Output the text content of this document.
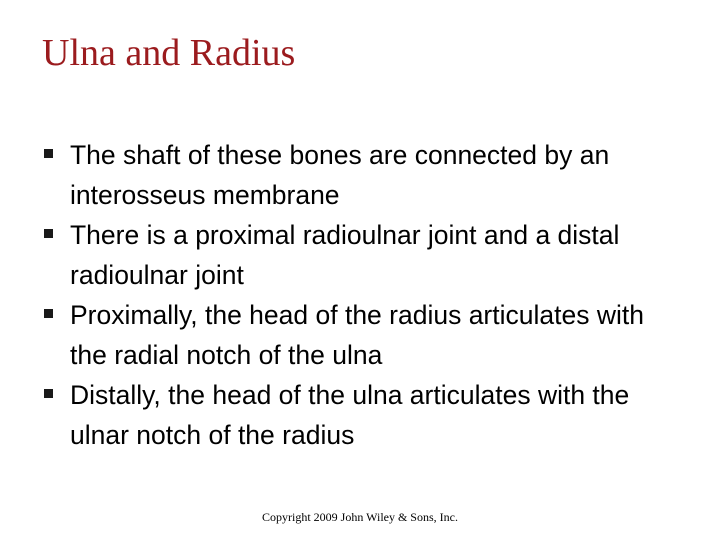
Ulna and Radius
The shaft of these bones are connected by an interosseus membrane
There is a proximal radioulnar joint and a distal radioulnar joint
Proximally, the head of the radius articulates with the radial notch of the ulna
Distally, the head of the ulna articulates with the ulnar notch of the radius
Copyright 2009 John Wiley & Sons, Inc.
